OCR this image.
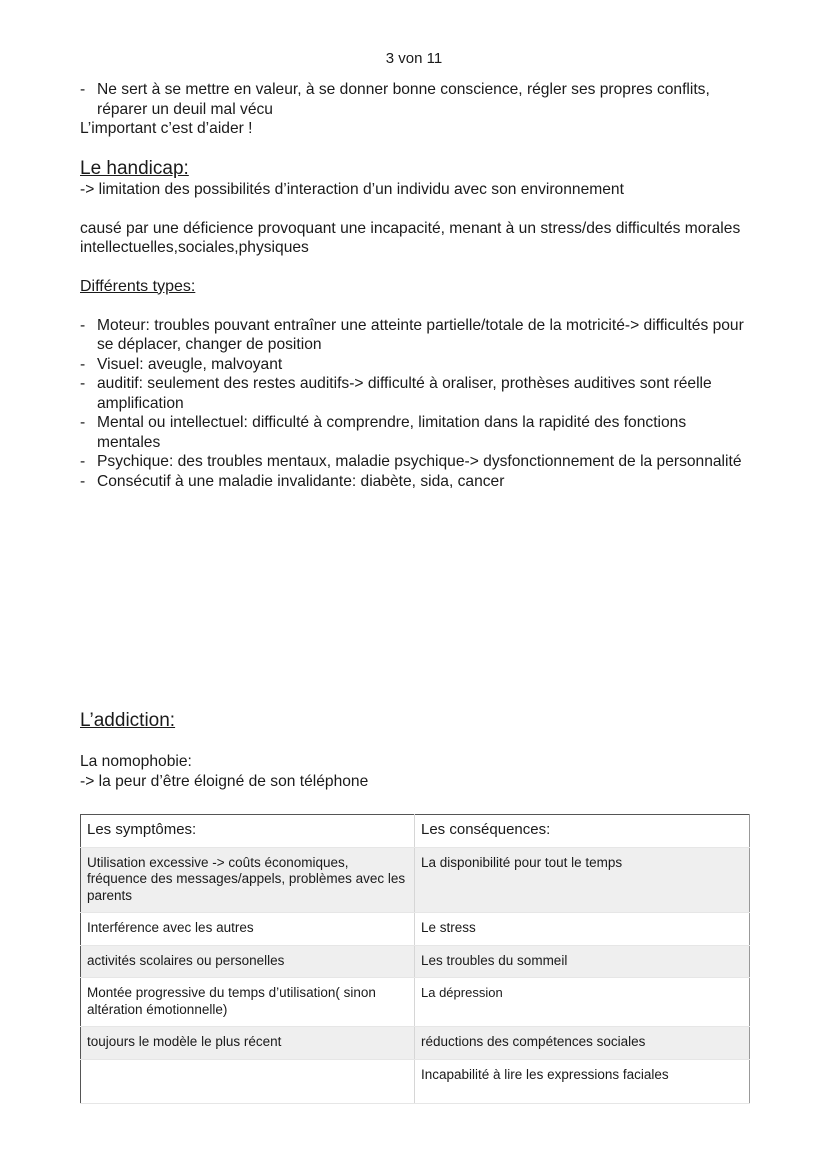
3 von 11
- Ne sert à se mettre en valeur, à se donner bonne conscience, régler ses propres conflits, réparer un deuil mal vécu

L’important c’est d’aider !

Le handicap:

-> limitation des possibilités d’interaction d’un individu avec son environnement

causé par une déficience provoquant une incapacité, menant à un stress/des difficultés morales intellectuelles,sociales,physiques

Différents types:

- Moteur: troubles pouvant entraîner une atteinte partielle/totale de la motricité-> difficultés pour se déplacer, changer de position
- Visuel: aveugle, malvoyant
- auditif: seulement des restes auditifs-> difficulté à oraliser, prothèses auditives sont réelle amplification
- Mental ou intellectuel: difficulté à comprendre, limitation dans la rapidité des fonctions mentales
- Psychique: des troubles mentaux, maladie psychique-> dysfonctionnement de la personnalité
- Consécutif à une maladie invalidante: diabète, sida, cancer
L’addiction:

La nomophobie:

-> la peur d’être éloigné de son téléphone

Les symptômes:	Les conséquences:
Utilisation excessive -> coûts économiques, fréquence des messages/appels, problèmes avec les parents	La disponibilité pour tout le temps
Interférence avec les autres	Le stress
activités scolaires ou personelles	Les troubles du sommeil
Montée progressive du temps d’utilisation( sinon altération émotionnelle)	La dépression
toujours le modèle le plus récent	réductions des compétences sociales
	Incapabilité à lire les expressions faciales
